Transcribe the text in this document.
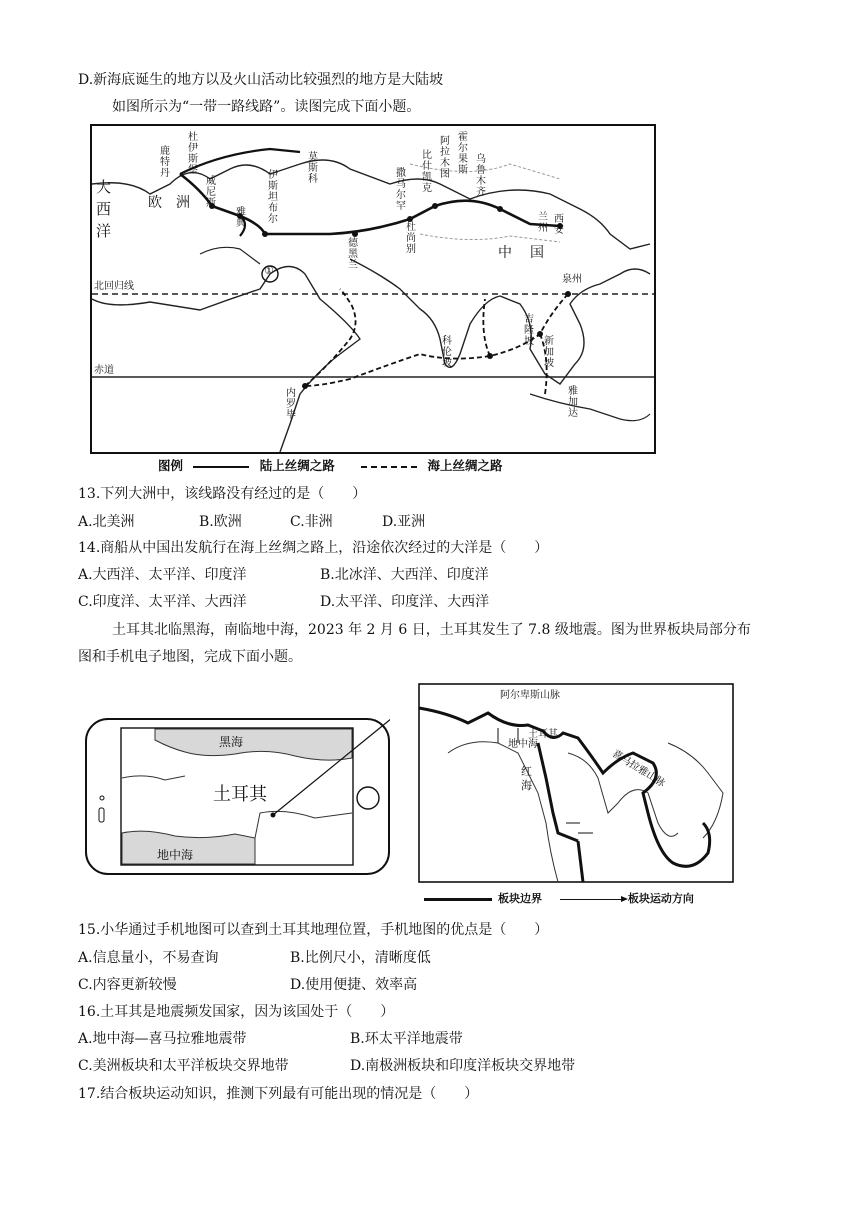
D.新海底诞生的地方以及火山活动比较强烈的地方是大陆坡
如图所示为“一带一路线路”。读图完成下面小题。
大西洋
欧洲
中国
北回归线
赤道
①
鹿特丹
杜伊斯堡
莫斯科
威尼斯
伊斯坦布尔
雅典
撒马尔罕
比什凯克
阿拉木图
霍尔果斯
乌鲁木齐
兰州
西安
德黑兰
杜尚别
泉州
吉隆坡 新加坡
雅加达
科伦坡
内罗毕
图例	陆上丝绸之路	海上丝绸之路
13.下列大洲中，该线路没有经过的是（　　）
A.北美洲	B.欧洲	C.非洲	D.亚洲
14.商船从中国出发航行在海上丝绸之路上，沿途依次经过的大洋是（　　）
A.大西洋、太平洋、印度洋	B.北冰洋、大西洋、印度洋
C.印度洋、太平洋、大西洋	D.太平洋、印度洋、大西洋
土耳其北临黑海，南临地中海，2023 年 2 月 6 日，土耳其发生了 7.8 级地震。图为世界板块局部分布
图和手机电子地图，完成下面小题。
黑海
土耳其
地中海
阿尔卑斯山脉
土耳其
地中海
红海	喜马拉雅山脉
板块边界	板块运动方向
15.小华通过手机地图可以查到土耳其地理位置，手机地图的优点是（　　）
A.信息量小，不易查询	B.比例尺小，清晰度低
C.内容更新较慢	D.使用便捷、效率高
16.土耳其是地震频发国家，因为该国处于（　　）
A.地中海—喜马拉雅地震带	B.环太平洋地震带
C.美洲板块和太平洋板块交界地带	D.南极洲板块和印度洋板块交界地带
17.结合板块运动知识，推测下列最有可能出现的情况是（　　）
